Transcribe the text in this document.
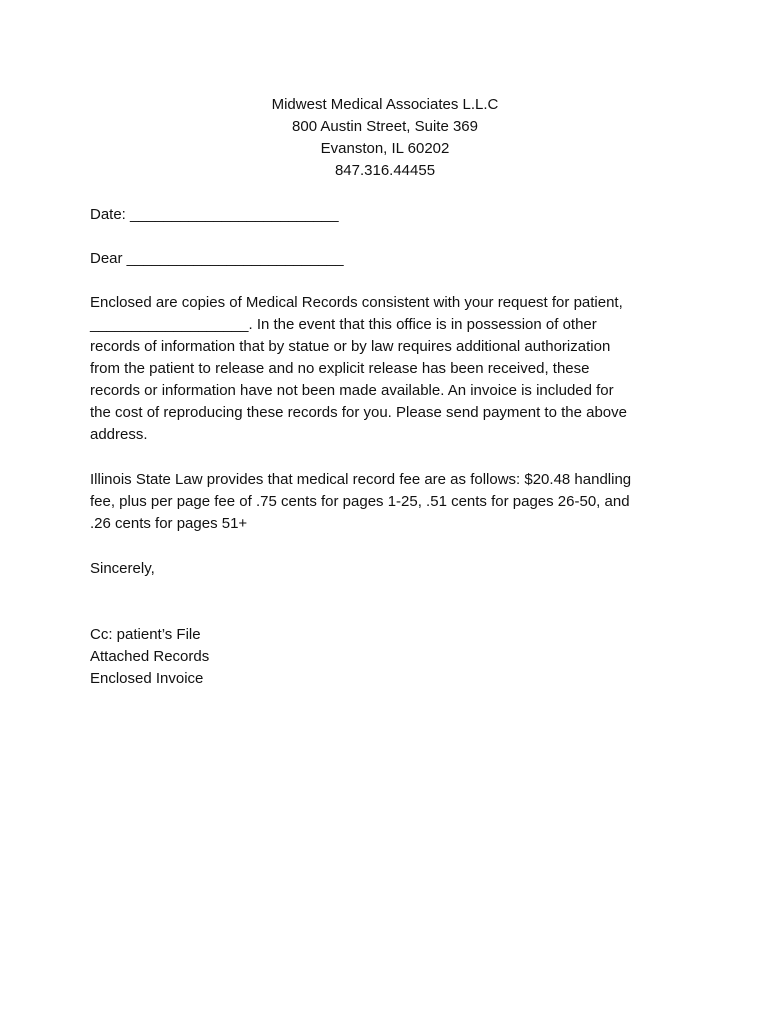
Midwest Medical Associates L.L.C
800 Austin Street, Suite 369
Evanston, IL 60202
847.316.44455
Date: _________________________
Dear __________________________
Enclosed are copies of Medical Records consistent with your request for patient,
___________________. In the event that this office is in possession of other
records of information that by statue or by law requires additional authorization
from the patient to release and no explicit release has been received, these
records or information have not been made available. An invoice is included for
the cost of reproducing these records for you. Please send payment to the above
address.
Illinois State Law provides that medical record fee are as follows: $20.48 handling
fee, plus per page fee of .75 cents for pages 1-25, .51 cents for pages 26-50, and
.26 cents for pages 51+
Sincerely,
Cc: patient’s File
Attached Records
Enclosed Invoice
